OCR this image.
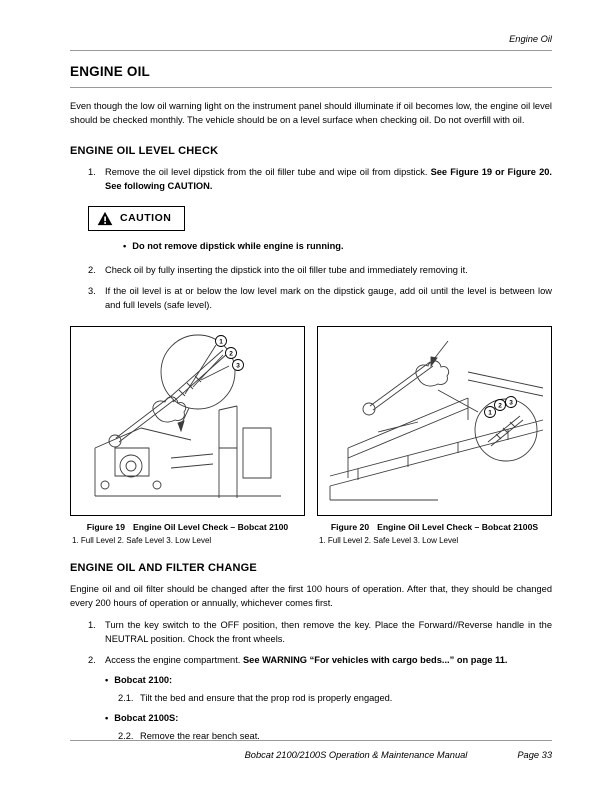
Engine Oil
ENGINE OIL

Even though the low oil warning light on the instrument panel should illuminate if oil becomes low, the engine oil level should be checked monthly. The vehicle should be on a level surface when checking oil. Do not overfill with oil.

ENGINE OIL LEVEL CHECK
1. Remove the oil level dipstick from the oil filler tube and wipe oil from dipstick. See Figure 19 or Figure 20. See following CAUTION.
CAUTION
• Do not remove dipstick while engine is running.
2. Check oil by fully inserting the dipstick into the oil filler tube and immediately removing it.
3. If the oil level is at or below the low level mark on the dipstick gauge, add oil until the level is between low and full levels (safe level).
1
2
3
Figure 19 Engine Oil Level Check – Bobcat 2100
1. Full Level 2. Safe Level 3. Low Level
1
2 3
Figure 20 Engine Oil Level Check – Bobcat 2100S
1. Full Level 2. Safe Level 3. Low Level
ENGINE OIL AND FILTER CHANGE

Engine oil and oil filter should be changed after the first 100 hours of operation. After that, they should be changed every 200 hours of operation or annually, whichever comes first.

1. Turn the key switch to the OFF position, then remove the key. Place the Forward//Reverse handle in the NEUTRAL position. Chock the front wheels.
2. Access the engine compartment. See WARNING “For vehicles with cargo beds...” on page 11.
• Bobcat 2100:
2.1. Tilt the bed and ensure that the prop rod is properly engaged.
• Bobcat 2100S:
2.2. Remove the rear bench seat.
Bobcat 2100/2100S Operation & Maintenance Manual	Page 33
